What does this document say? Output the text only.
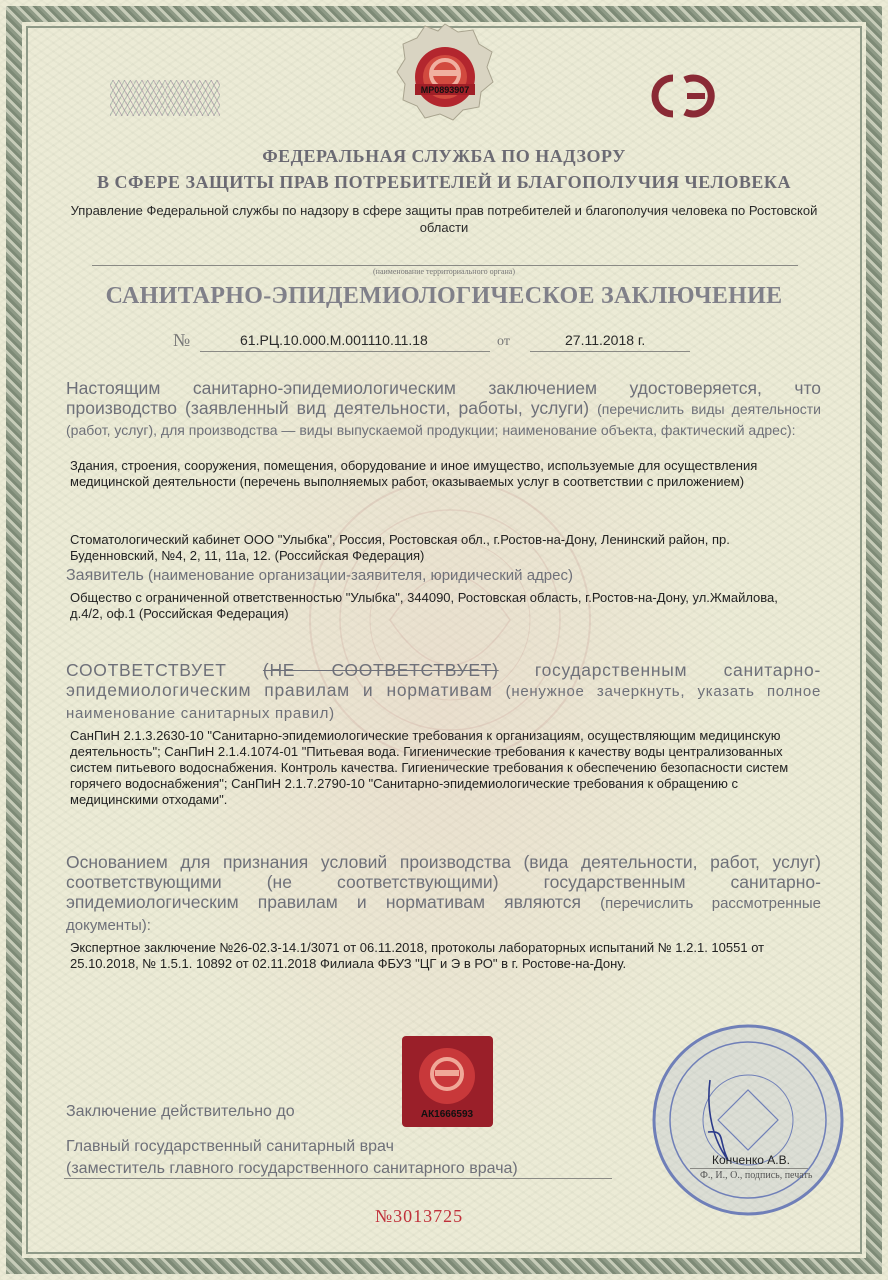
МР0893907
ФЕДЕРАЛЬНАЯ СЛУЖБА ПО НАДЗОРУ
В СФЕРЕ ЗАЩИТЫ ПРАВ ПОТРЕБИТЕЛЕЙ И БЛАГОПОЛУЧИЯ ЧЕЛОВЕКА
Управление Федеральной службы по надзору в сфере защиты прав потребителей и благополучия человека по Ростовской области
(наименование территориального органа)
САНИТАРНО-ЭПИДЕМИОЛОГИЧЕСКОЕ ЗАКЛЮЧЕНИЕ
№	61.РЦ.10.000.М.001110.11.18	от	27.11.2018 г.
Настоящим санитарно-эпидемиологическим заключением удостоверяется, что производство (заявленный вид деятельности, работы, услуги) (перечислить виды деятельности (работ, услуг), для производства — виды выпускаемой продукции; наименование объекта, фактический адрес):
Здания, строения, сооружения, помещения, оборудование и иное имущество, используемые для осуществления медицинской деятельности (перечень выполняемых работ, оказываемых услуг в соответствии с приложением)
Стоматологический кабинет ООО "Улыбка", Россия, Ростовская обл., г.Ростов-на-Дону, Ленинский район, пр. Буденновский, №4, 2, 11, 11а, 12. (Российская Федерация)
Заявитель (наименование организации-заявителя, юридический адрес)
Общество с ограниченной ответственностью "Улыбка", 344090, Ростовская область, г.Ростов-на-Дону, ул.Жмайлова, д.4/2, оф.1 (Российская Федерация)
СООТВЕТСТВУЕТ (НЕ СООТВЕТСТВУЕТ) государственным санитарно-эпидемиологическим правилам и нормативам (ненужное зачеркнуть, указать полное наименование санитарных правил)
СанПиН 2.1.3.2630-10 "Санитарно-эпидемиологические требования к организациям, осуществляющим медицинскую деятельность"; СанПиН 2.1.4.1074-01 "Питьевая вода. Гигиенические требования к качеству воды централизованных систем питьевого водоснабжения. Контроль качества. Гигиенические требования к обеспечению безопасности систем горячего водоснабжения"; СанПиН 2.1.7.2790-10 "Санитарно-эпидемиологические требования к обращению с медицинскими отходами".
Основанием для признания условий производства (вида деятельности, работ, услуг) соответствующими (не соответствующими) государственным санитарно-эпидемиологическим правилам и нормативам являются (перечислить рассмотренные документы):
Экспертное заключение №26-02.3-14.1/3071 от 06.11.2018, протоколы лабораторных испытаний № 1.2.1. 10551 от 25.10.2018, № 1.5.1. 10892 от 02.11.2018 Филиала ФБУЗ "ЦГ и Э в РО" в г. Ростове-на-Дону.
АК1666593
Заключение действительно до
Главный государственный санитарный врач
(заместитель главного государственного санитарного врача)	Конченко А.В.
Ф., И., О., подпись, печать
№3013725
